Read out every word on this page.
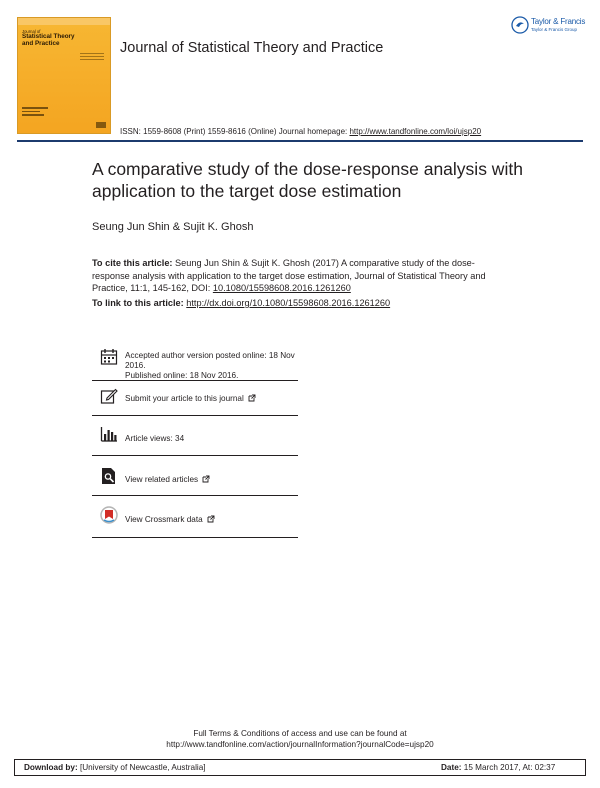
Journal of
Statistical Theory
and Practice	Journal of Statistical Theory and Practice
Taylor & Francis
Taylor & Francis Group
ISSN: 1559-8608 (Print) 1559-8616 (Online) Journal homepage: http://www.tandfonline.com/loi/ujsp20
A comparative study of the dose-response analysis with application to the target dose estimation
Seung Jun Shin & Sujit K. Ghosh
To cite this article: Seung Jun Shin & Sujit K. Ghosh (2017) A comparative study of the dose-response analysis with application to the target dose estimation, Journal of Statistical Theory and Practice, 11:1, 145-162, DOI: 10.1080/15598608.2016.1261260
To link to this article: http://dx.doi.org/10.1080/15598608.2016.1261260
Accepted author version posted online: 18 Nov 2016.
Published online: 18 Nov 2016.
Submit your article to this journal
Article views: 34
View related articles
View Crossmark data
Full Terms & Conditions of access and use can be found at
http://www.tandfonline.com/action/journalInformation?journalCode=ujsp20
Download by: [University of Newcastle, Australia]	Date: 15 March 2017, At: 02:37
